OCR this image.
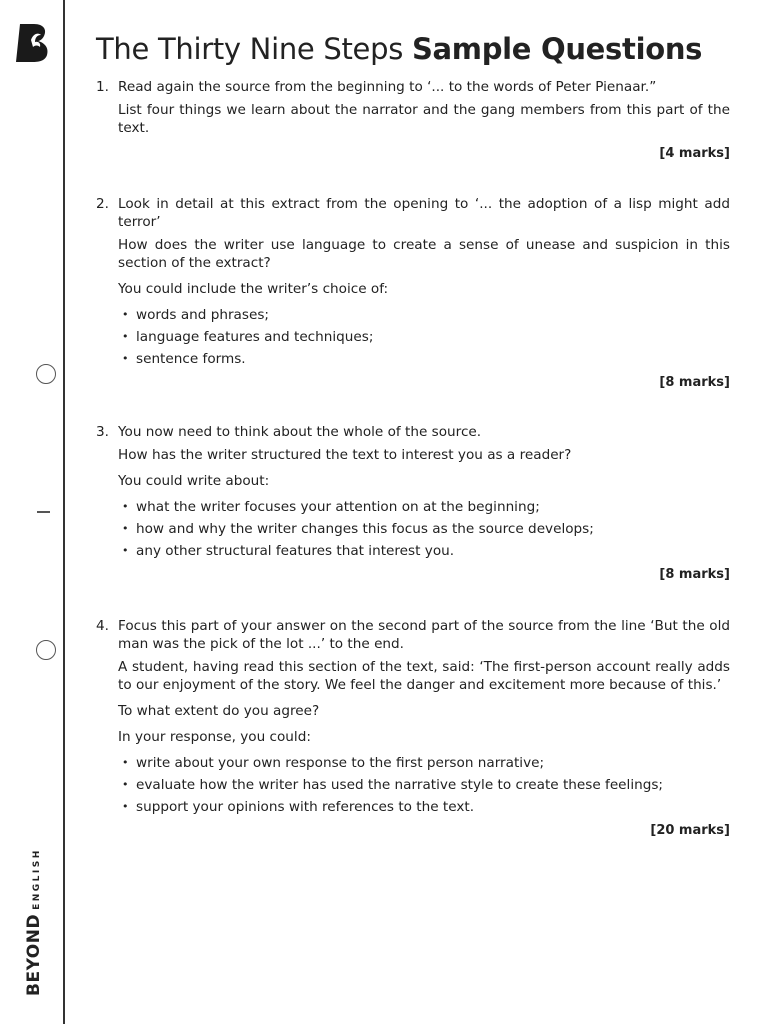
BEYONDENGLISH
The Thirty Nine Steps Sample Questions
1. Read again the source from the beginning to ‘... to the words of Peter Pienaar.”

List four things we learn about the narrator and the gang members from this part of the text.

[4 marks]
2. Look in detail at this extract from the opening to ‘... the adoption of a lisp might add terror’

How does the writer use language to create a sense of unease and suspicion in this section of the extract?

You could include the writer’s choice of:

• words and phrases;
• language features and techniques;
• sentence forms.
[8 marks]
3. You now need to think about the whole of the source.

How has the writer structured the text to interest you as a reader?

You could write about:

• what the writer focuses your attention on at the beginning;
• how and why the writer changes this focus as the source develops;
• any other structural features that interest you.
[8 marks]
4. Focus this part of your answer on the second part of the source from the line ‘But the old man was the pick of the lot ...’ to the end.

A student, having read this section of the text, said: ‘The first-person account really adds to our enjoyment of the story. We feel the danger and excitement more because of this.’

To what extent do you agree?

In your response, you could:

• write about your own response to the first person narrative;
• evaluate how the writer has used the narrative style to create these feelings;
• support your opinions with references to the text.
[20 marks]
